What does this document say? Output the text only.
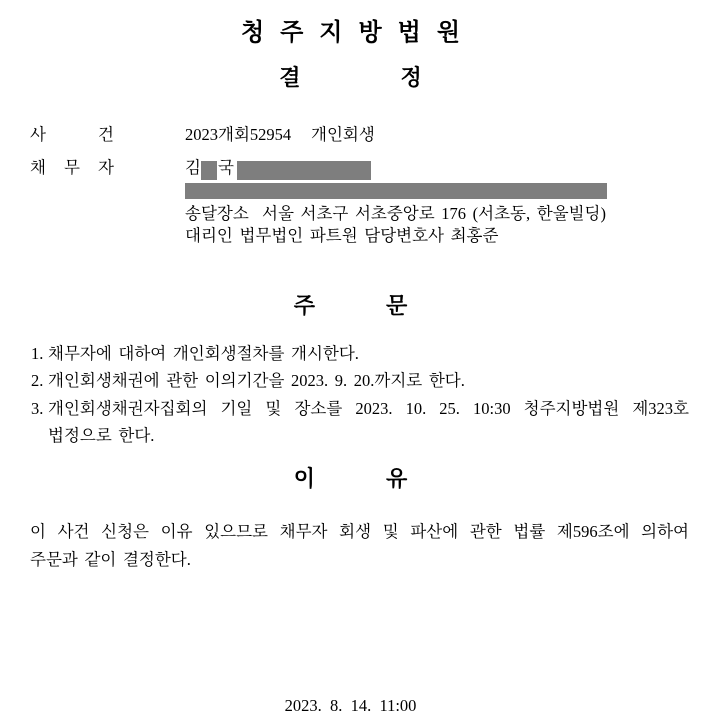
청주지방법원
결정
사	건	2023개회52954   개인회생
채 무 자	김 국
송달장소  서울 서초구 서초중앙로 176 (서초동, 한울빌딩)
대리인 법무법인 파트원 담당변호사 최홍준
주문
1. 채무자에 대하여 개인회생절차를 개시한다.
2. 개인회생채권에 관한 이의기간을 2023. 9. 20.까지로 한다.
3. 개인회생채권자집회의 기일 및 장소를 2023. 10. 25. 10:30 청주지방법원 제323호
법정으로 한다.
이유
이 사건 신청은 이유 있으므로 채무자 회생 및 파산에 관한 법률 제596조에 의하여
주문과 같이 결정한다.
2023.  8.  14.  11:00
